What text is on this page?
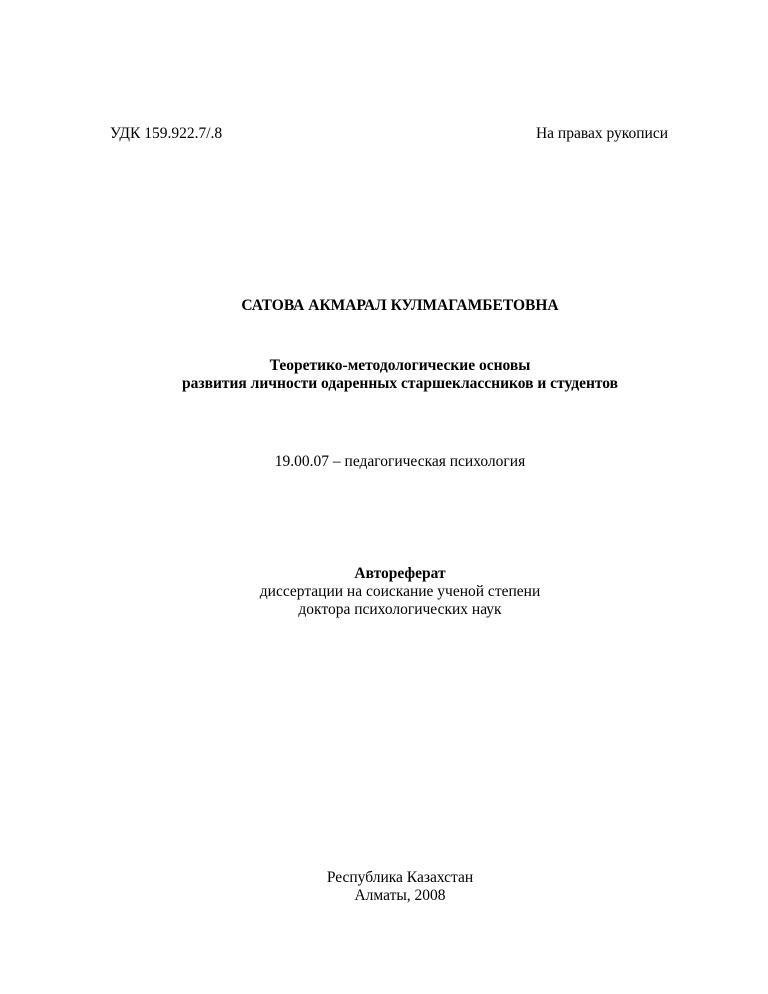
УДК 159.922.7/.8	На правах рукописи
САТОВА АКМАРАЛ КУЛМАГАМБЕТОВНА
Теоретико-методологические основы
развития личности одаренных старшеклассников и студентов
19.00.07 – педагогическая психология
Автореферат
диссертации на соискание ученой степени
доктора психологических наук
Республика Казахстан
Алматы, 2008
